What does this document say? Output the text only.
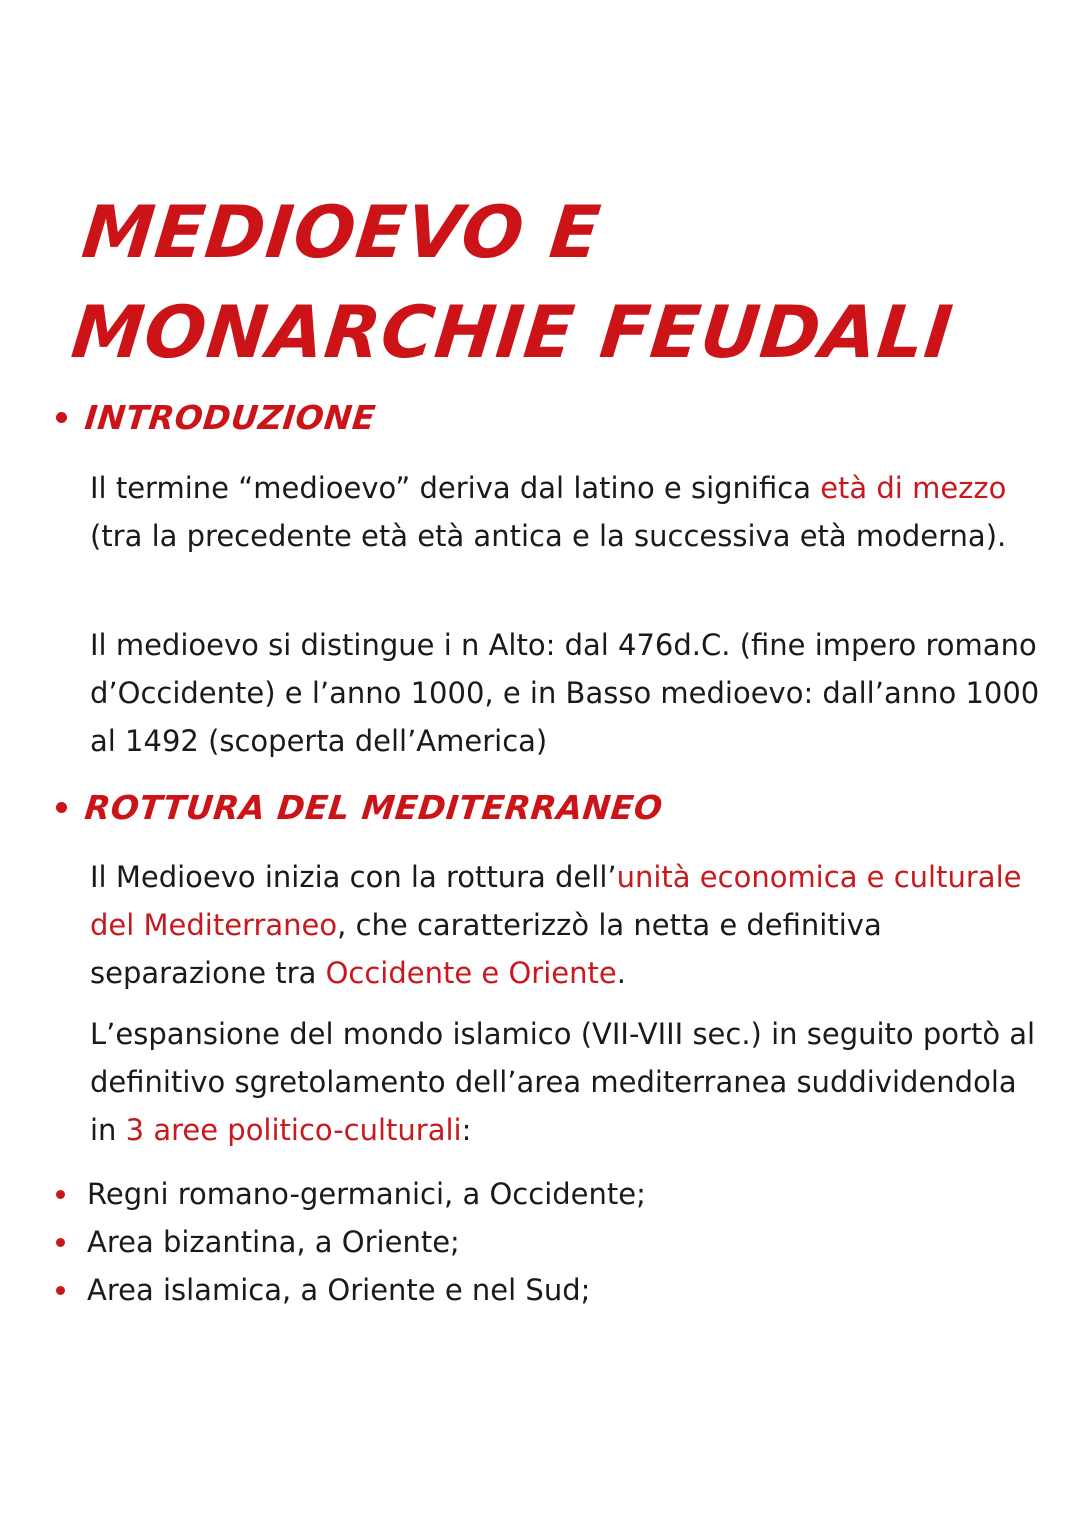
MEDIOEVO E
MONARCHIE FEUDALI
INTRODUZIONE

Il termine “medioevo” deriva dal latino e significa età di mezzo (tra la precedente età età antica e la successiva età moderna).

Il medioevo si distingue i n Alto: dal 476d.C. (fine impero romano d’Occidente) e l’anno 1000, e in Basso medioevo: dall’anno 1000 al 1492 (scoperta dell’America)

ROTTURA DEL MEDITERRANEO

Il Medioevo inizia con la rottura dell’unità economica e culturale del Mediterraneo, che caratterizzò la netta e definitiva separazione tra Occidente e Oriente.

L’espansione del mondo islamico (VII-VIII sec.) in seguito portò al definitivo sgretolamento dell’area mediterranea suddividendola in 3 aree politico-culturali:

Regni romano-germanici, a Occidente;
Area bizantina, a Oriente;
Area islamica, a Oriente e nel Sud;
